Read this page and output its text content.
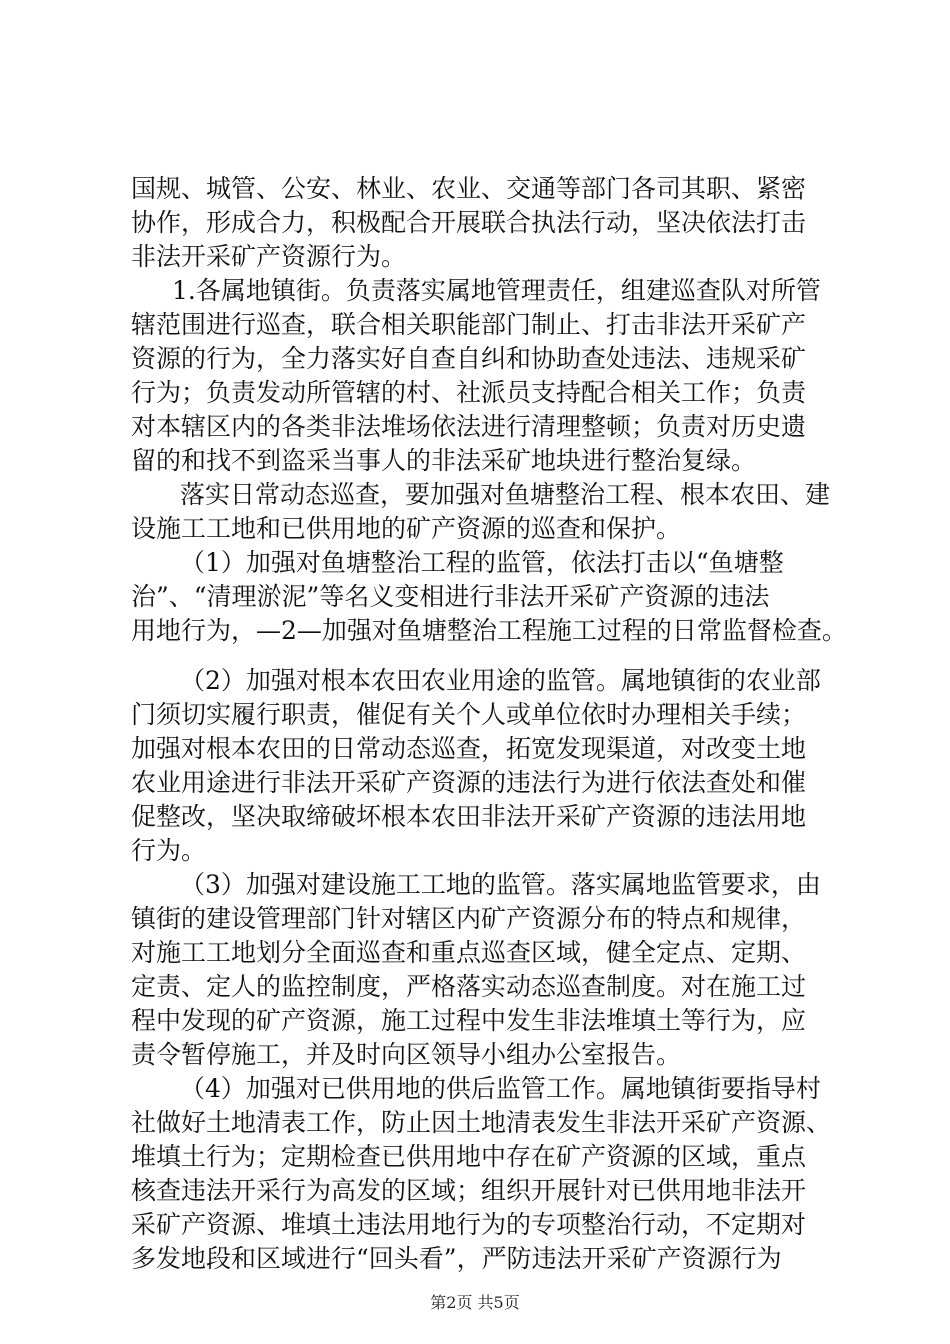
国规、城管、公安、林业、农业、交通等部门各司其职、紧密
协作，形成合力，积极配合开展联合执法行动，坚决依法打击
非法开采矿产资源行为。
1.各属地镇街。负责落实属地管理责任，组建巡查队对所管
辖范围进行巡查，联合相关职能部门制止、打击非法开采矿产
资源的行为，全力落实好自查自纠和协助查处违法、违规采矿
行为；负责发动所管辖的村、社派员支持配合相关工作；负责
对本辖区内的各类非法堆场依法进行清理整顿；负责对历史遗
留的和找不到盗采当事人的非法采矿地块进行整治复绿。
落实日常动态巡查，要加强对鱼塘整治工程、根本农田、建
设施工工地和已供用地的矿产资源的巡查和保护。
（1）加强对鱼塘整治工程的监管，依法打击以“鱼塘整
治”、“清理淤泥”等名义变相进行非法开采矿产资源的违法
用地行为，—2—加强对鱼塘整治工程施工过程的日常监督检查。
（2）加强对根本农田农业用途的监管。属地镇街的农业部
门须切实履行职责，催促有关个人或单位依时办理相关手续；
加强对根本农田的日常动态巡查，拓宽发现渠道，对改变土地
农业用途进行非法开采矿产资源的违法行为进行依法查处和催
促整改，坚决取缔破坏根本农田非法开采矿产资源的违法用地
行为。
（3）加强对建设施工工地的监管。落实属地监管要求，由
镇街的建设管理部门针对辖区内矿产资源分布的特点和规律，
对施工工地划分全面巡查和重点巡查区域，健全定点、定期、
定责、定人的监控制度，严格落实动态巡查制度。对在施工过
程中发现的矿产资源，施工过程中发生非法堆填土等行为，应
责令暂停施工，并及时向区领导小组办公室报告。
（4）加强对已供用地的供后监管工作。属地镇街要指导村
社做好土地清表工作，防止因土地清表发生非法开采矿产资源、
堆填土行为；定期检查已供用地中存在矿产资源的区域，重点
核查违法开采行为高发的区域；组织开展针对已供用地非法开
采矿产资源、堆填土违法用地行为的专项整治行动，不定期对
多发地段和区域进行“回头看”，严防违法开采矿产资源行为
第2页 共5页
